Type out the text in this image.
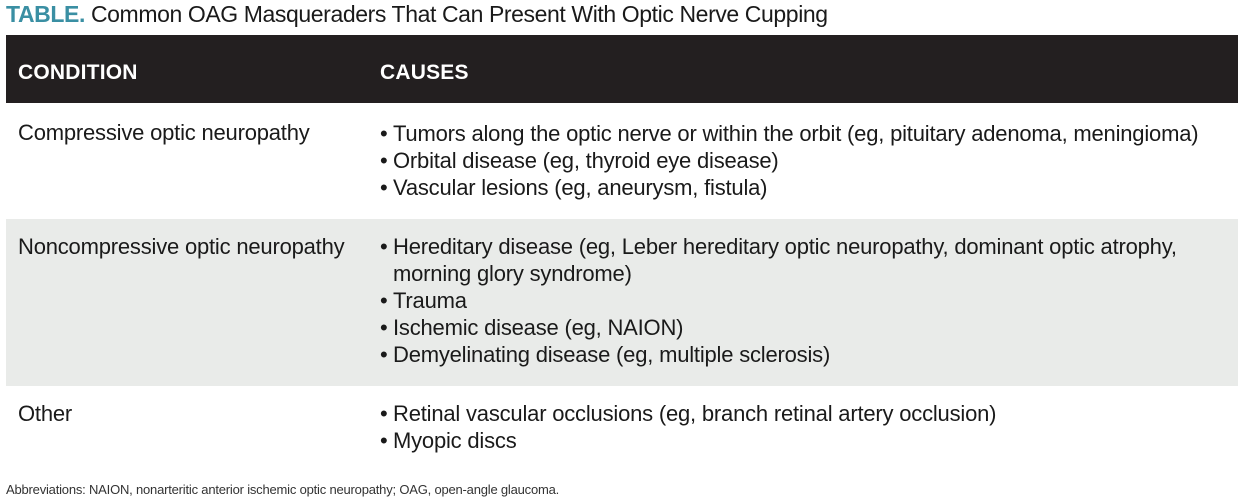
TABLE. Common OAG Masqueraders That Can Present With Optic Nerve Cupping
CONDITION	CAUSES
Compressive optic neuropathy	• Tumors along the optic nerve or within the orbit (eg, pituitary adenoma, meningioma)
• Orbital disease (eg, thyroid eye disease)
• Vascular lesions (eg, aneurysm, fistula)
Noncompressive optic neuropathy • Hereditary disease (eg, Leber hereditary optic neuropathy, dominant optic atrophy, morning glory syndrome)
• Trauma
• Ischemic disease (eg, NAION)
• Demyelinating disease (eg, multiple sclerosis)
Other	• Retinal vascular occlusions (eg, branch retinal artery occlusion)
• Myopic discs
Abbreviations: NAION, nonarteritic anterior ischemic optic neuropathy; OAG, open-angle glaucoma.
